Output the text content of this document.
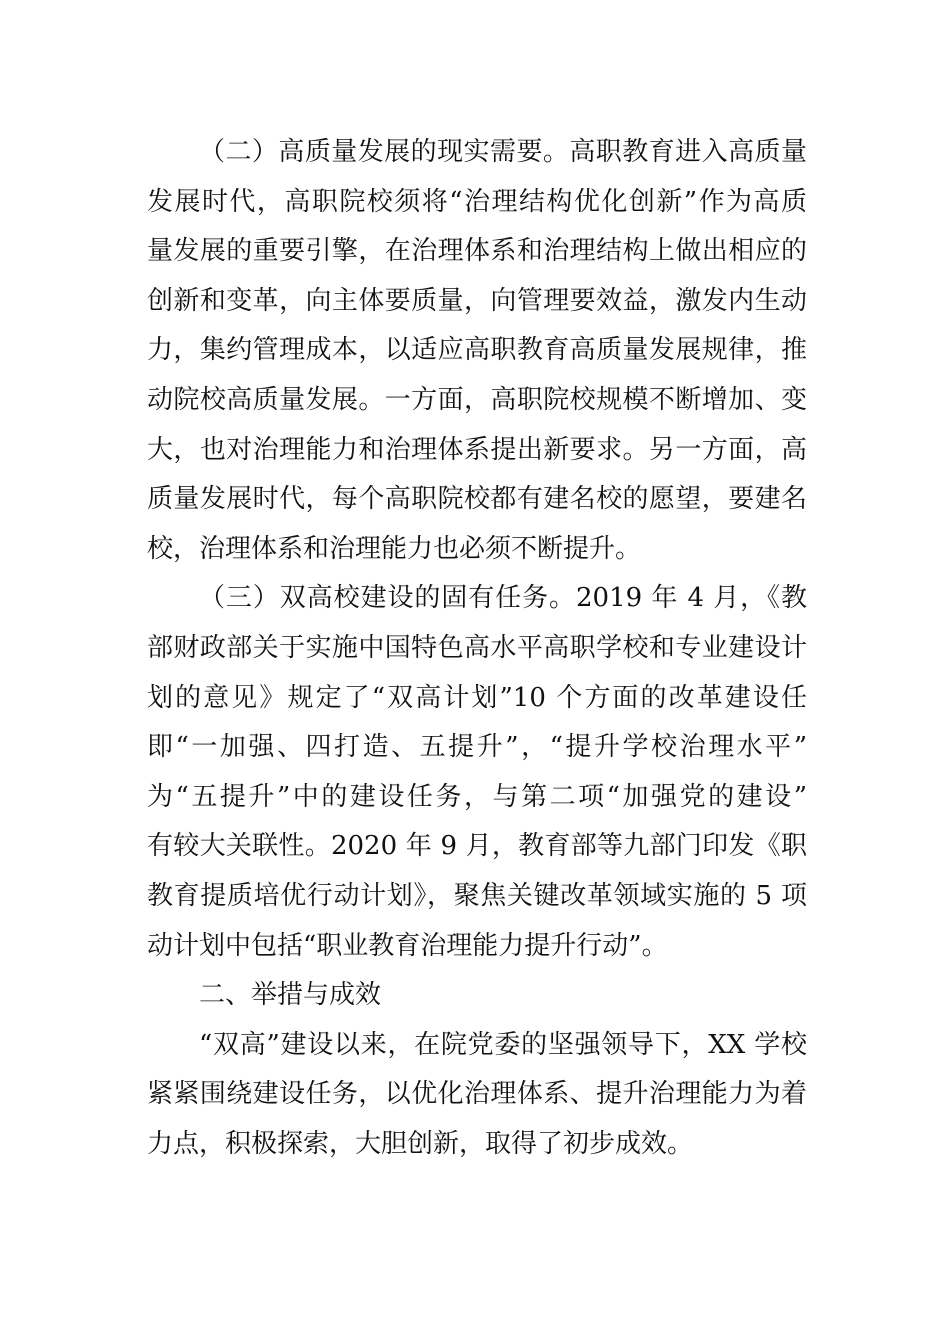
（二）高质量发展的现实需要。高职教育进入高质量
发展时代，高职院校须将“治理结构优化创新”作为高质
量发展的重要引擎，在治理体系和治理结构上做出相应的
创新和变革，向主体要质量，向管理要效益，激发内生动
力，集约管理成本，以适应高职教育高质量发展规律，推
动院校高质量发展。一方面，高职院校规模不断增加、变
大，也对治理能力和治理体系提出新要求。另一方面，高
质量发展时代，每个高职院校都有建名校的愿望，要建名
校，治理体系和治理能力也必须不断提升。
（三）双高校建设的固有任务。2019 年 4 月，《教
部财政部关于实施中国特色高水平高职学校和专业建设计
划的意见》规定了“双高计划”10 个方面的改革建设任
即“一加强、四打造、五提升”，“提升学校治理水平”
为“五提升”中的建设任务，与第二项“加强党的建设”
有较大关联性。2020 年 9 月，教育部等九部门印发《职
教育提质培优行动计划》，聚焦关键改革领域实施的 5 项
动计划中包括“职业教育治理能力提升行动”。
二、举措与成效
“双高”建设以来，在院党委的坚强领导下，XX 学校
紧紧围绕建设任务，以优化治理体系、提升治理能力为着
力点，积极探索，大胆创新，取得了初步成效。
